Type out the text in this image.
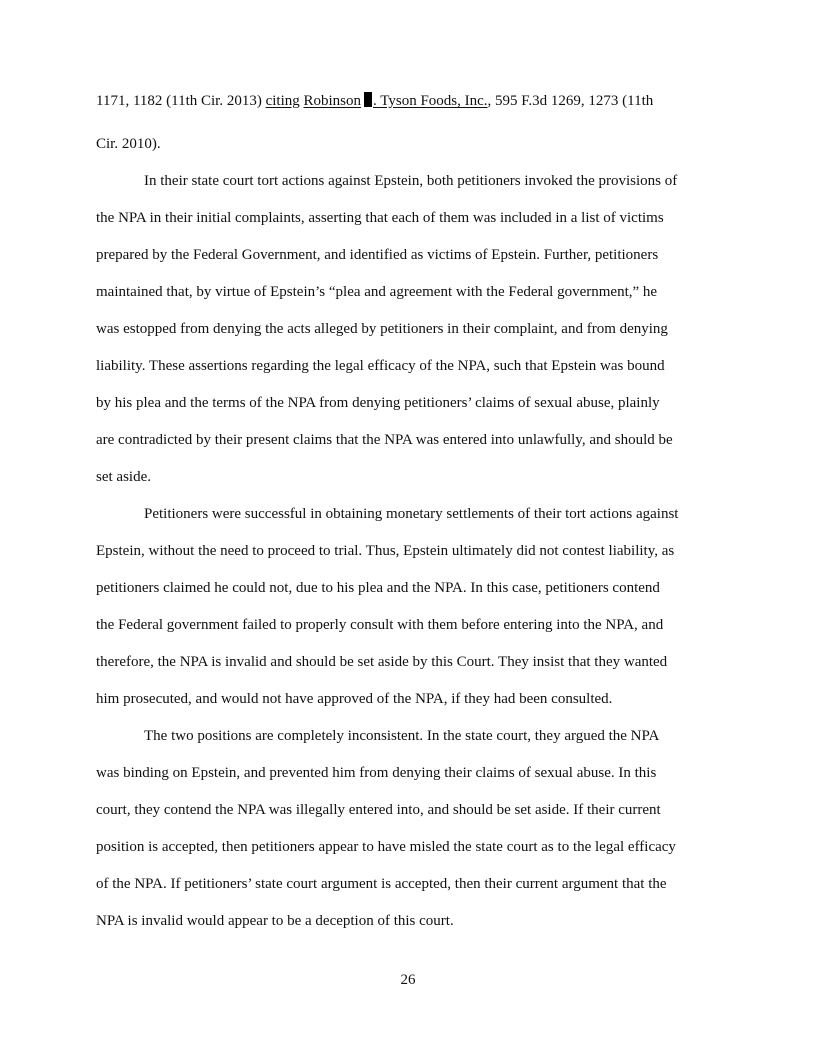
1171, 1182 (11th Cir. 2013) citing Robinson . Tyson Foods, Inc., 595 F.3d 1269, 1273 (11th
Cir. 2010).
In their state court tort actions against Epstein, both petitioners invoked the provisions of
the NPA in their initial complaints, asserting that each of them was included in a list of victims
prepared by the Federal Government, and identified as victims of Epstein. Further, petitioners
maintained that, by virtue of Epstein’s “plea and agreement with the Federal government,” he
was estopped from denying the acts alleged by petitioners in their complaint, and from denying
liability. These assertions regarding the legal efficacy of the NPA, such that Epstein was bound
by his plea and the terms of the NPA from denying petitioners’ claims of sexual abuse, plainly
are contradicted by their present claims that the NPA was entered into unlawfully, and should be
set aside.
Petitioners were successful in obtaining monetary settlements of their tort actions against
Epstein, without the need to proceed to trial. Thus, Epstein ultimately did not contest liability, as
petitioners claimed he could not, due to his plea and the NPA. In this case, petitioners contend
the Federal government failed to properly consult with them before entering into the NPA, and
therefore, the NPA is invalid and should be set aside by this Court. They insist that they wanted
him prosecuted, and would not have approved of the NPA, if they had been consulted.
The two positions are completely inconsistent. In the state court, they argued the NPA
was binding on Epstein, and prevented him from denying their claims of sexual abuse. In this
court, they contend the NPA was illegally entered into, and should be set aside. If their current
position is accepted, then petitioners appear to have misled the state court as to the legal efficacy
of the NPA. If petitioners’ state court argument is accepted, then their current argument that the
NPA is invalid would appear to be a deception of this court.
26
